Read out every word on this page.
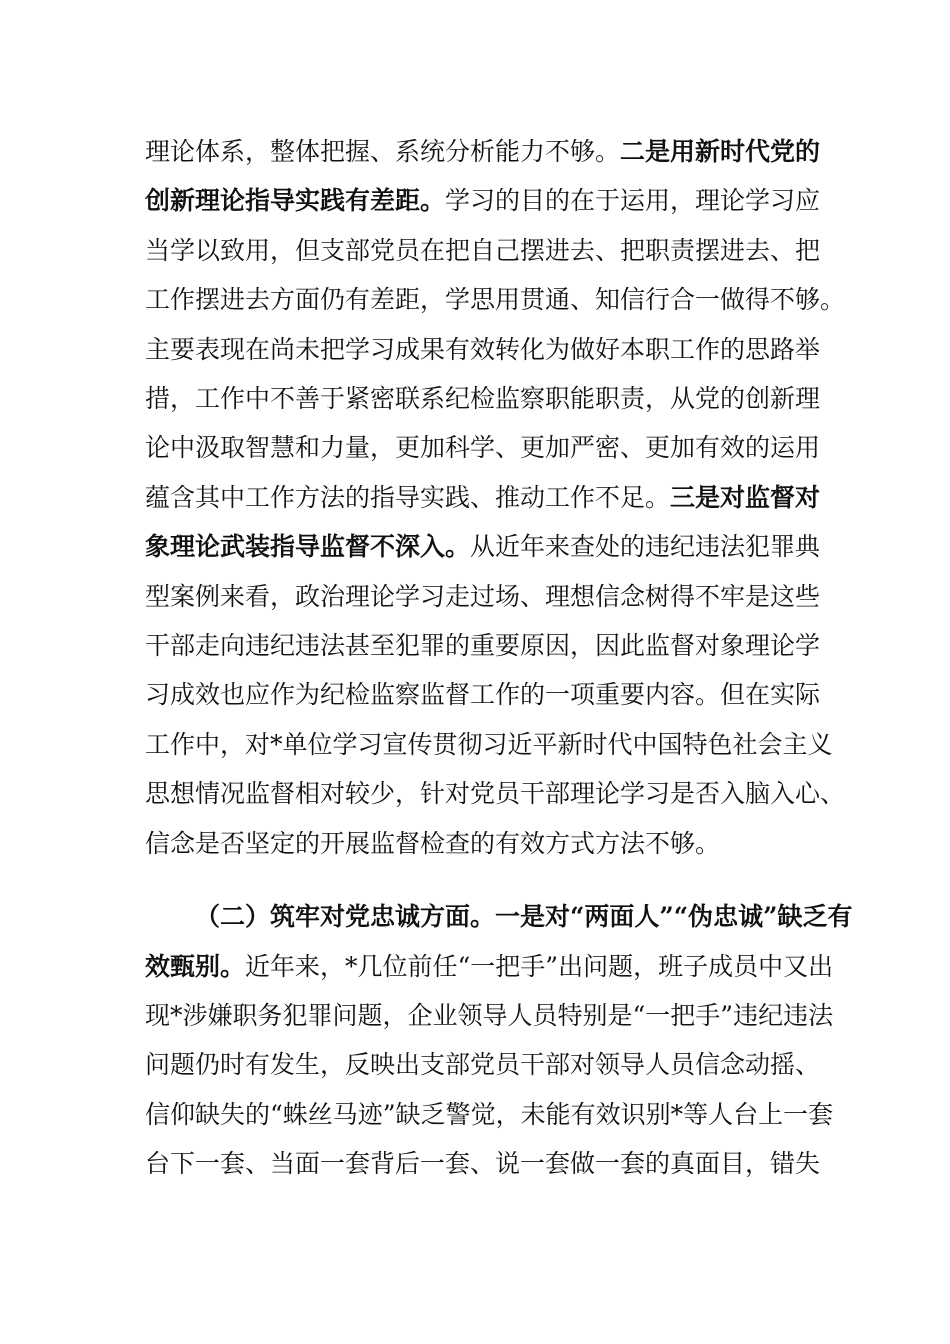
理论体系，整体把握、系统分析能力不够。二是用新时代党的
创新理论指导实践有差距。学习的目的在于运用，理论学习应
当学以致用，但支部党员在把自己摆进去、把职责摆进去、把
工作摆进去方面仍有差距，学思用贯通、知信行合一做得不够。
主要表现在尚未把学习成果有效转化为做好本职工作的思路举
措，工作中不善于紧密联系纪检监察职能职责，从党的创新理
论中汲取智慧和力量，更加科学、更加严密、更加有效的运用
蕴含其中工作方法的指导实践、推动工作不足。三是对监督对
象理论武装指导监督不深入。从近年来查处的违纪违法犯罪典
型案例来看，政治理论学习走过场、理想信念树得不牢是这些
干部走向违纪违法甚至犯罪的重要原因，因此监督对象理论学
习成效也应作为纪检监察监督工作的一项重要内容。但在实际
工作中，对*单位学习宣传贯彻习近平新时代中国特色社会主义
思想情况监督相对较少，针对党员干部理论学习是否入脑入心、
信念是否坚定的开展监督检查的有效方式方法不够。
（二）筑牢对党忠诚方面。一是对“两面人”“伪忠诚”缺乏有
效甄别。近年来，*几位前任“一把手”出问题，班子成员中又出
现*涉嫌职务犯罪问题，企业领导人员特别是“一把手”违纪违法
问题仍时有发生，反映出支部党员干部对领导人员信念动摇、
信仰缺失的“蛛丝马迹”缺乏警觉，未能有效识别*等人台上一套
台下一套、当面一套背后一套、说一套做一套的真面目，错失
